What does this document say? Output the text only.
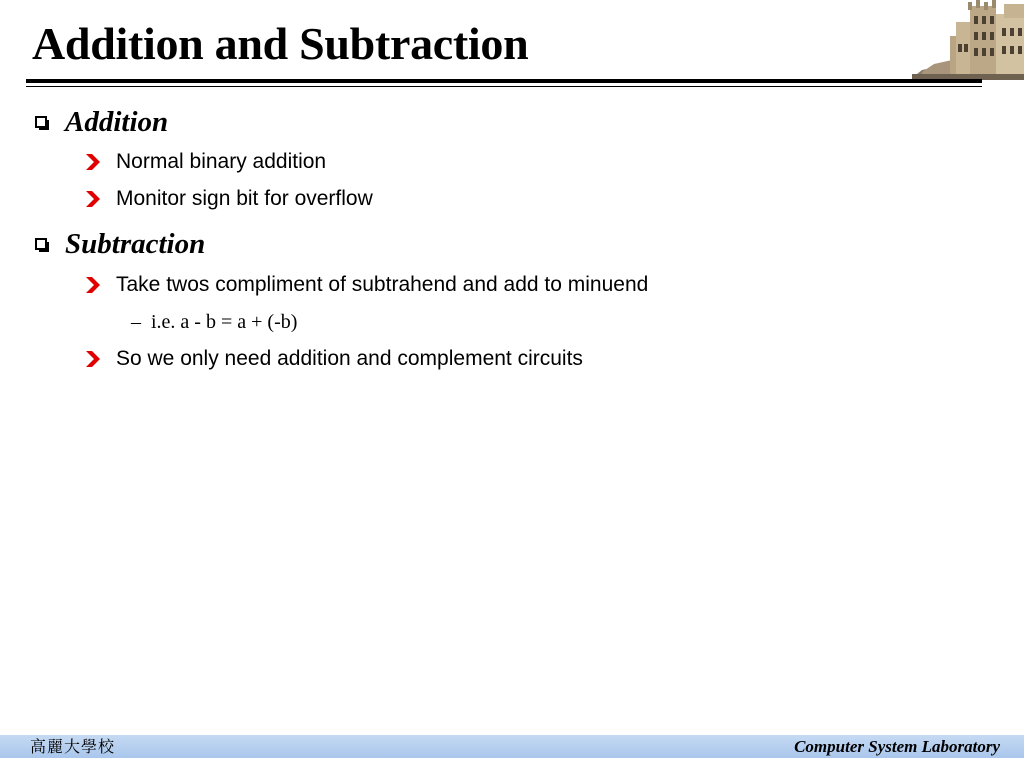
Addition and Subtraction
Addition
Normal binary addition
Monitor sign bit for overflow
Subtraction
Take twos compliment of subtrahend and add to minuend
– i.e. a - b = a + (-b)
So we only need addition and complement circuits
高麗大學校	Computer System Laboratory
